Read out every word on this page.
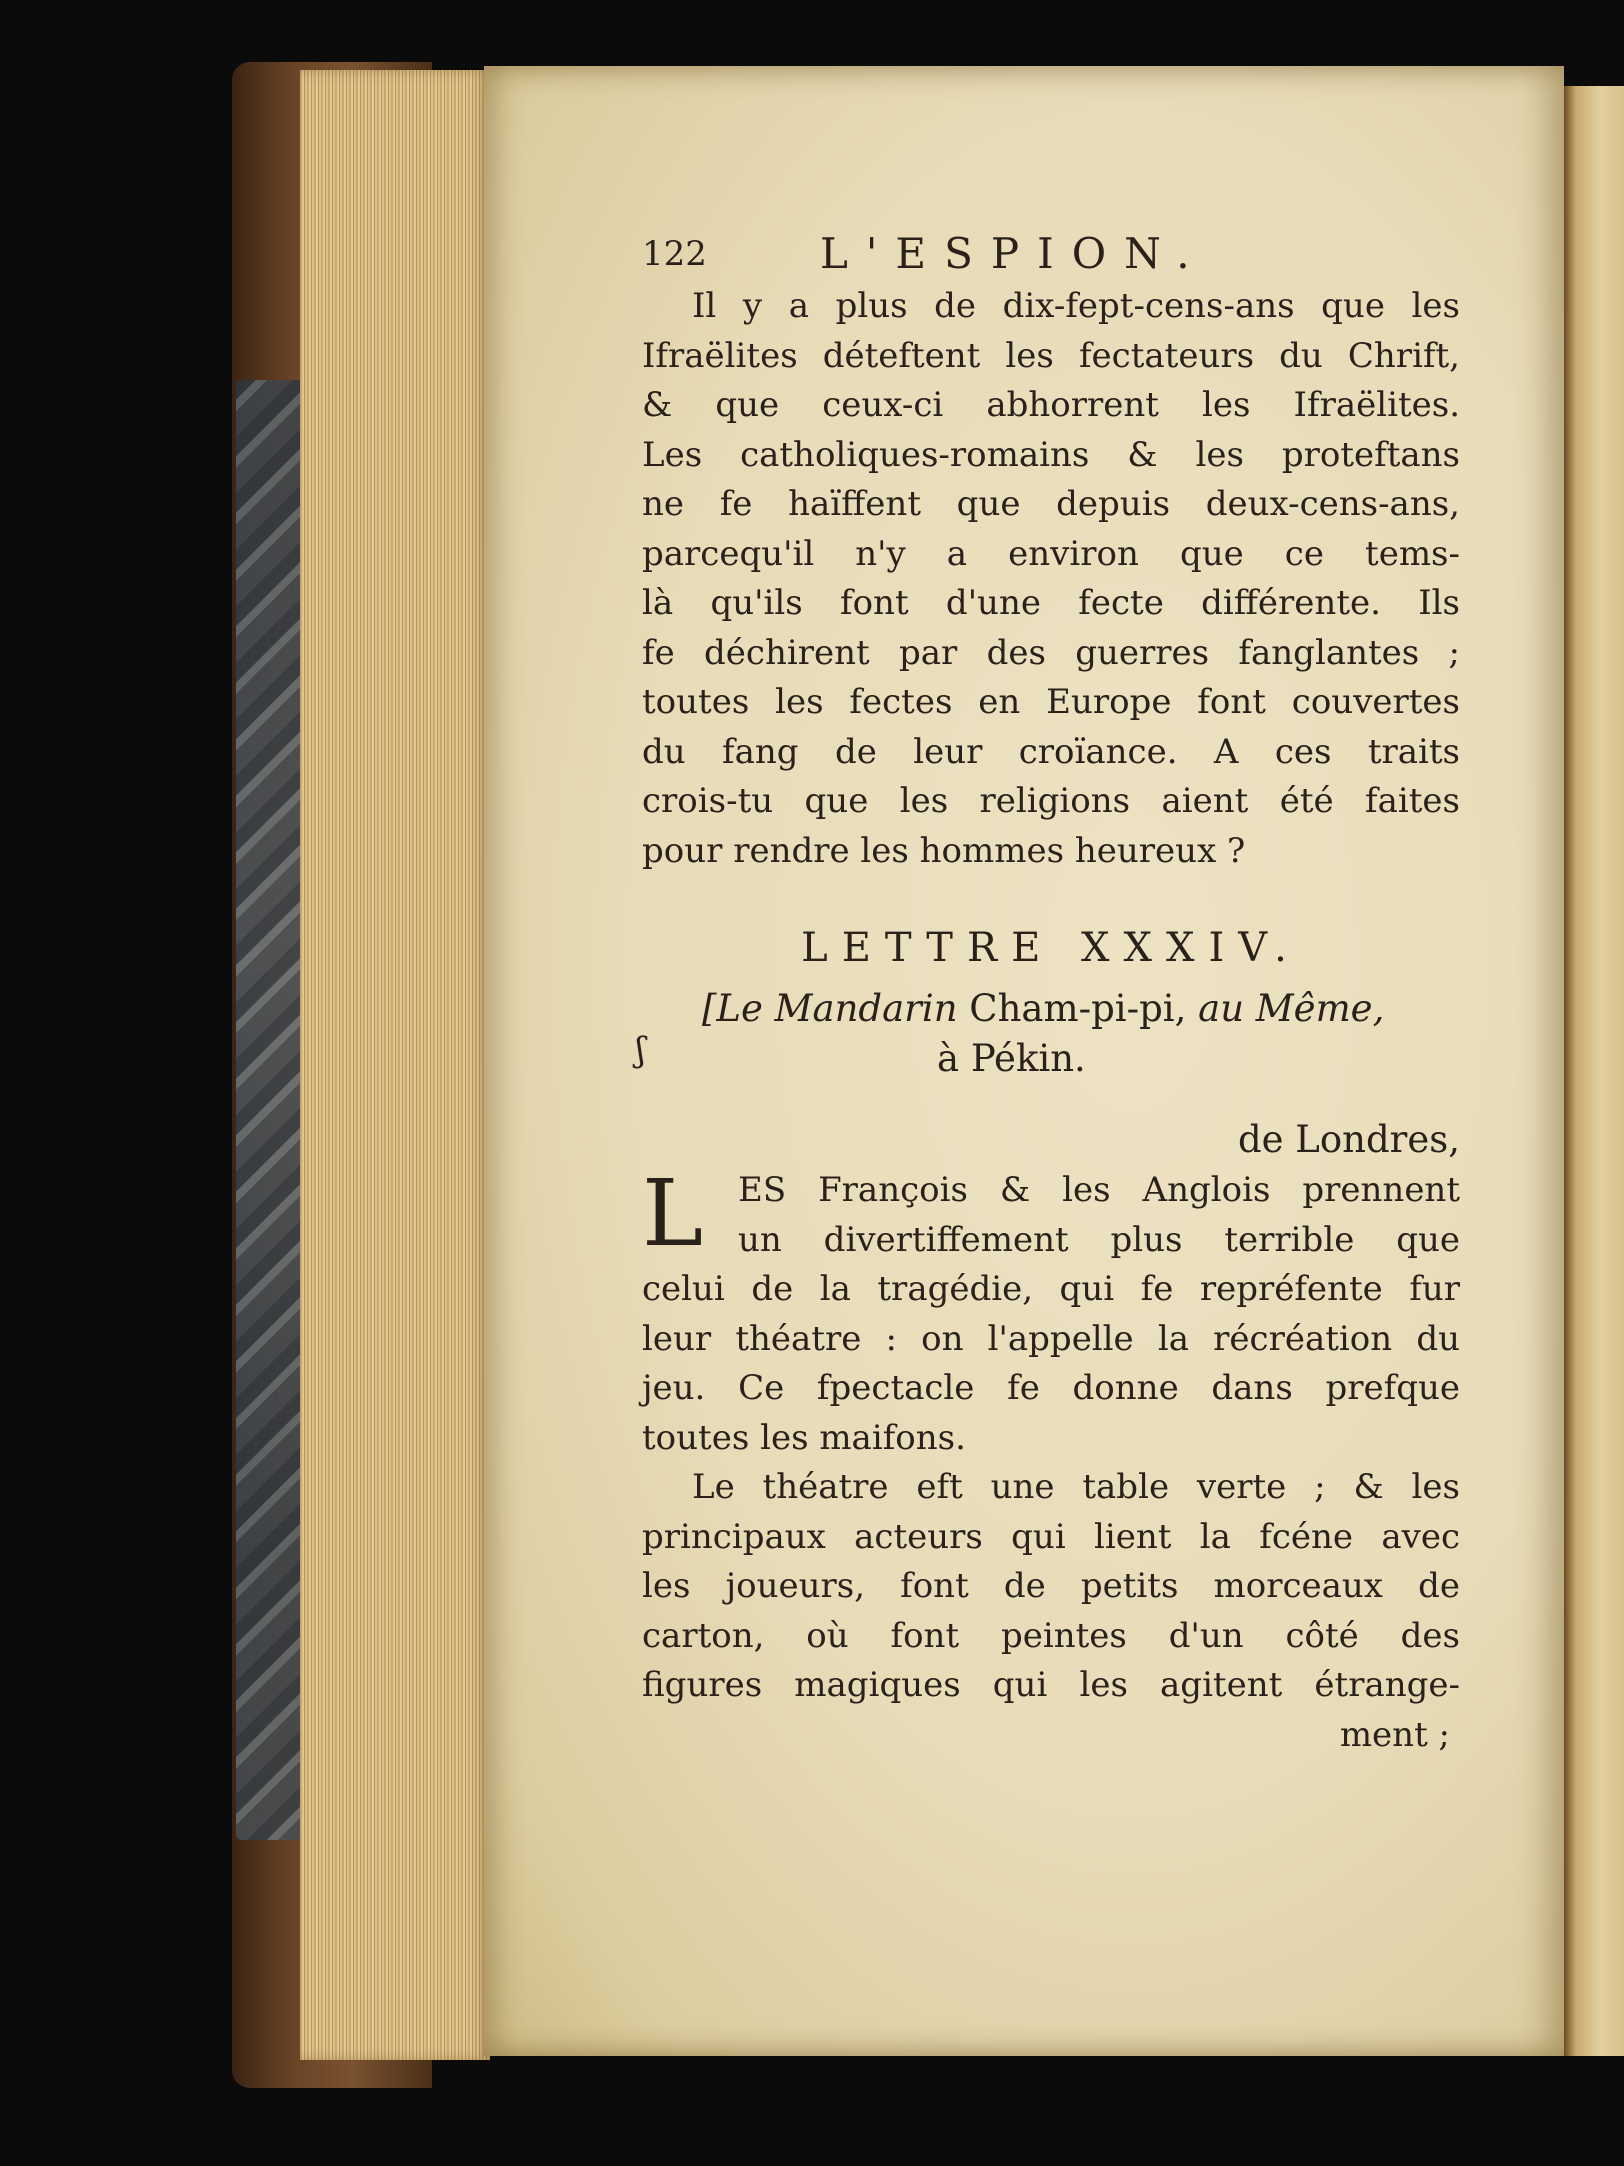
ʃ
122	L'ESPION.
Il y a plus de dix-fept-cens-ans que les
Ifraëlites déteftent les fectateurs du Chrift,
& que ceux-ci abhorrent les Ifraëlites.
Les catholiques-romains & les proteftans
ne fe haïffent que depuis deux-cens-ans,
parcequ'il n'y a environ que ce tems-
là qu'ils font d'une fecte différente. Ils
fe déchirent par des guerres fanglantes ;
toutes les fectes en Europe font couvertes
du fang de leur croïance. A ces traits
crois-tu que les religions aient été faites
pour rendre les hommes heureux ?
LETTRE XXXIV.
[Le Mandarin Cham-pi-pi, au Même,
à Pékin.
de Londres,
L	ES François & les Anglois prennent
un divertiffement plus terrible que
celui de la tragédie, qui fe repréfente fur
leur théatre : on l'appelle la récréation du
jeu. Ce fpectacle fe donne dans prefque
toutes les maifons.
Le théatre eft une table verte ; & les
principaux acteurs qui lient la fcéne avec
les joueurs, font de petits morceaux de
carton, où font peintes d'un côté des
figures magiques qui les agitent étrange-
ment ;
